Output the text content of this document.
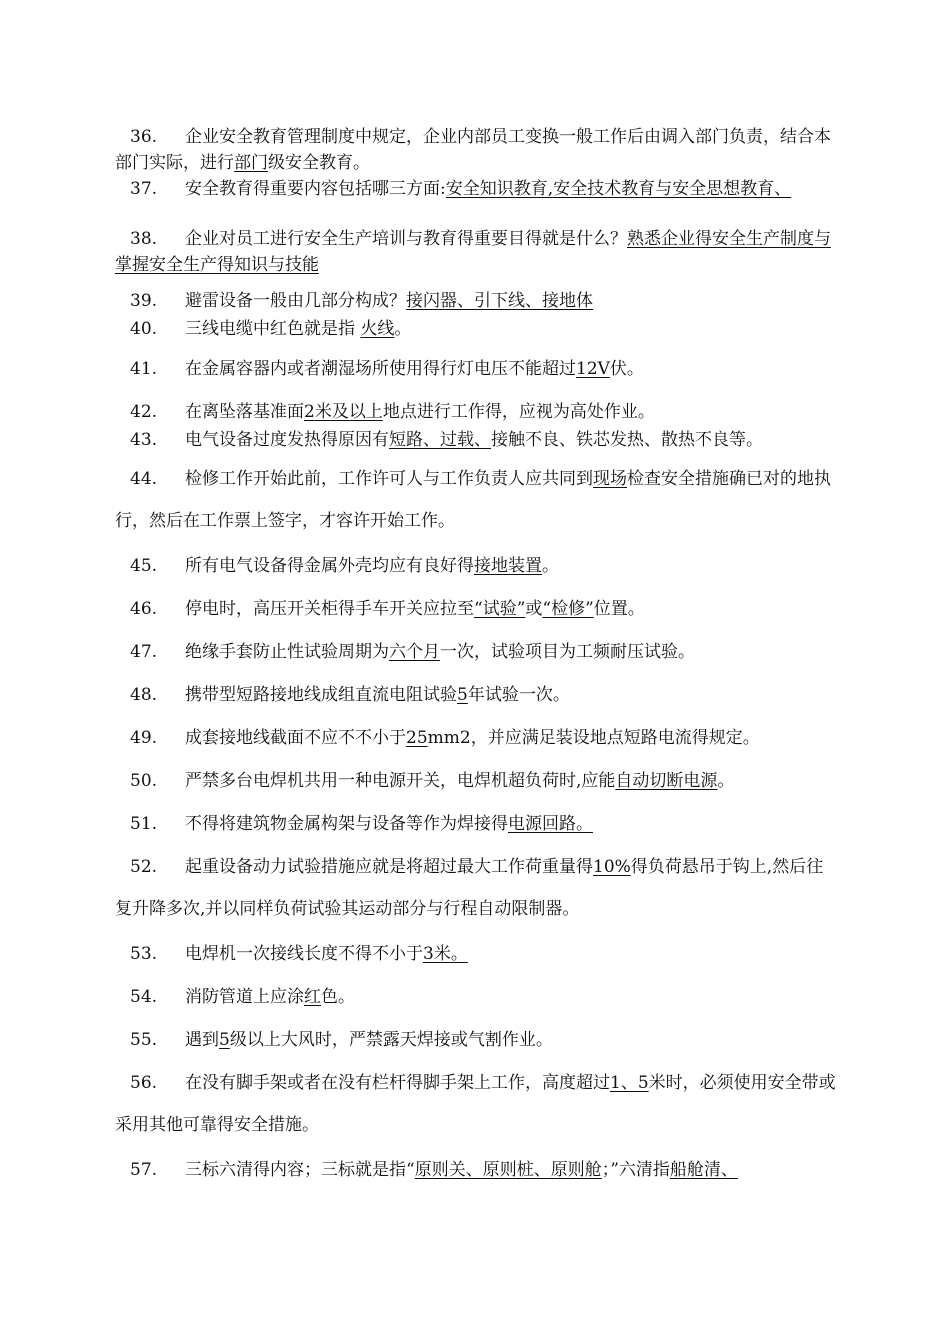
36. 企业安全教育管理制度中规定，企业内部员工变换一般工作后由调入部门负责，结合本部门实际，进行部门级安全教育。
37. 安全教育得重要内容包括哪三方面:安全知识教育,安全技术教育与安全思想教育、
38. 企业对员工进行安全生产培训与教育得重要目得就是什么？熟悉企业得安全生产制度与掌握安全生产得知识与技能
39. 避雷设备一般由几部分构成？接闪器、引下线、接地体
40. 三线电缆中红色就是指 火线。
41. 在金属容器内或者潮湿场所使用得行灯电压不能超过12V伏。
42. 在离坠落基准面2米及以上地点进行工作得，应视为高处作业。
43. 电气设备过度发热得原因有短路、过载、接触不良、铁芯发热、散热不良等。
44. 检修工作开始此前，工作许可人与工作负责人应共同到现场检查安全措施确已对的地执行，然后在工作票上签字，才容许开始工作。
45. 所有电气设备得金属外壳均应有良好得接地装置。
46. 停电时，高压开关柜得手车开关应拉至“试验”或“检修”位置。
47. 绝缘手套防止性试验周期为六个月一次，试验项目为工频耐压试验。
48. 携带型短路接地线成组直流电阻试验5年试验一次。
49. 成套接地线截面不应不不小于25mm2，并应满足装设地点短路电流得规定。
50. 严禁多台电焊机共用一种电源开关，电焊机超负荷时,应能自动切断电源。
51. 不得将建筑物金属构架与设备等作为焊接得电源回路。
52. 起重设备动力试验措施应就是将超过最大工作荷重量得10%得负荷悬吊于钩上,然后往复升降多次,并以同样负荷试验其运动部分与行程自动限制器。
53. 电焊机一次接线长度不得不小于3米。
54. 消防管道上应涂红色。
55. 遇到5级以上大风时，严禁露天焊接或气割作业。
56. 在没有脚手架或者在没有栏杆得脚手架上工作，高度超过1、5米时，必须使用安全带或采用其他可靠得安全措施。
57. 三标六清得内容；三标就是指“原则关、原则桩、原则舱；”六清指船舱清、
